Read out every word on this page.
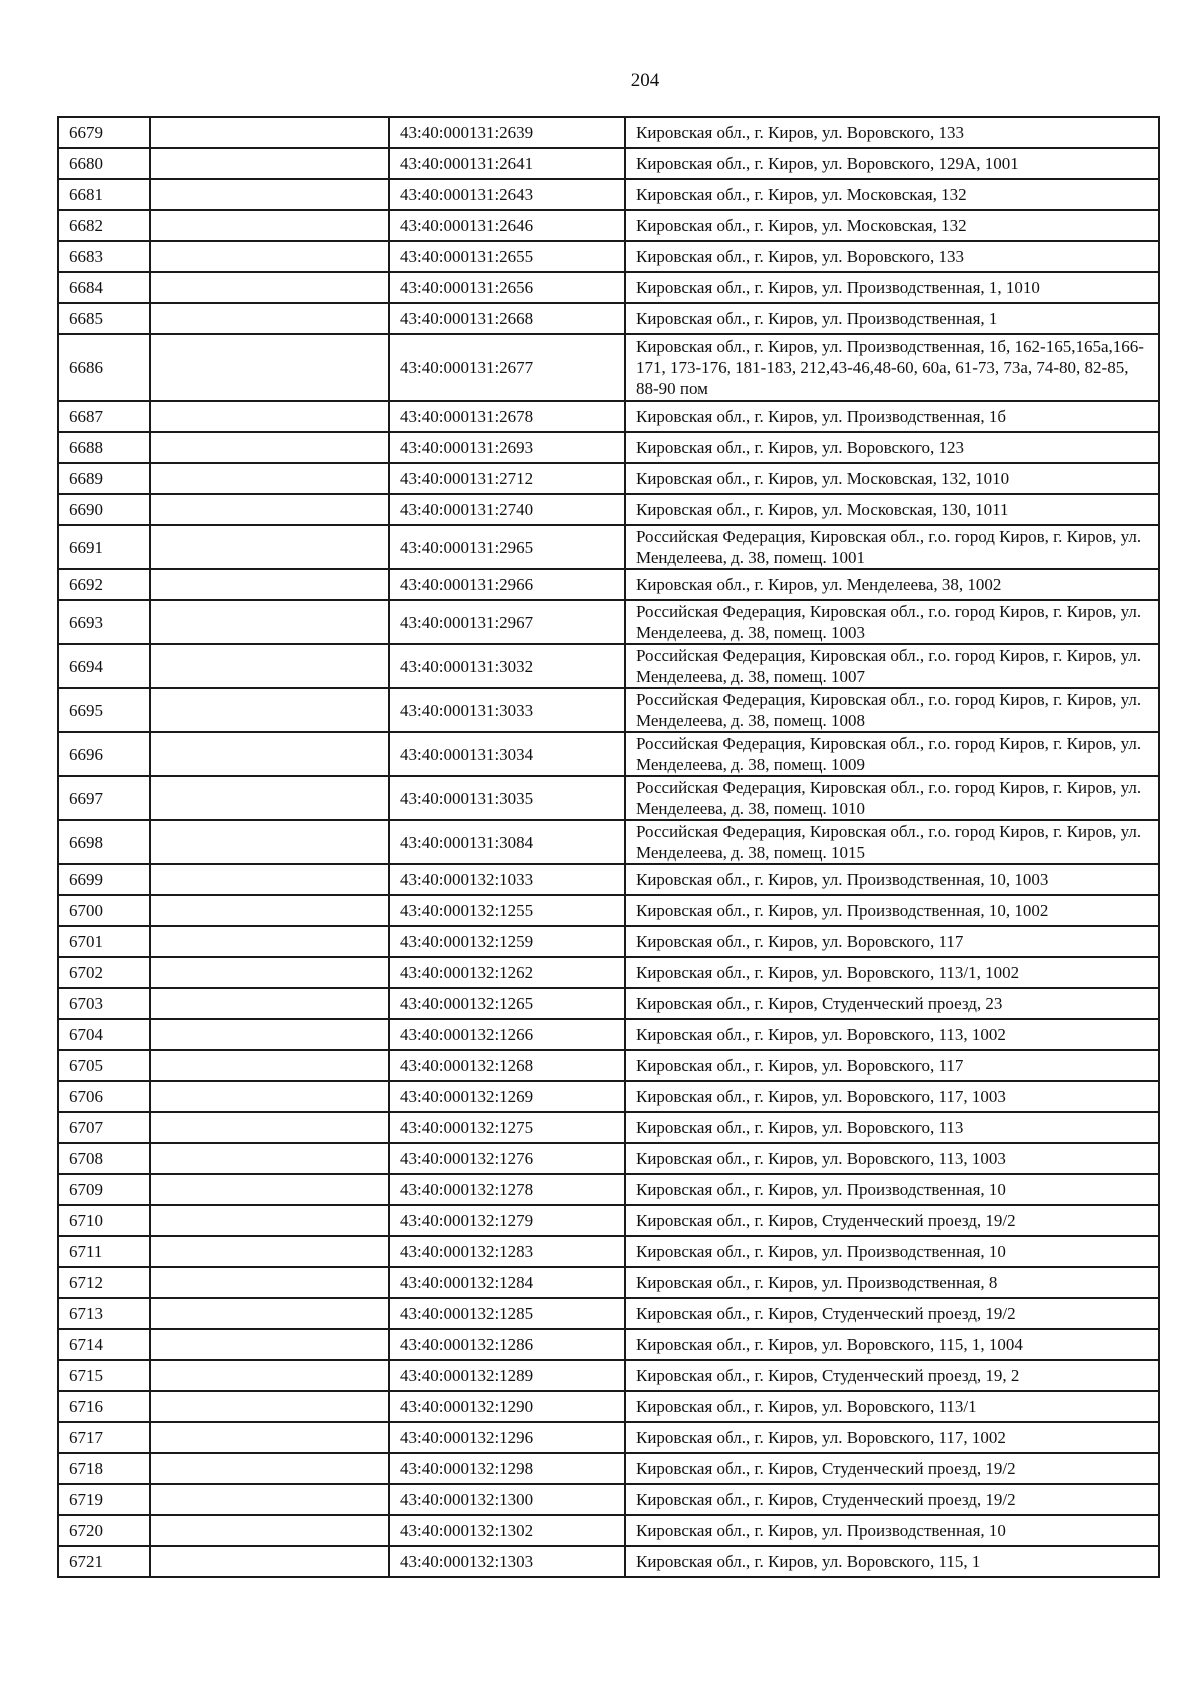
204
6679		43:40:000131:2639	Кировская обл., г. Киров, ул. Воровского, 133
6680		43:40:000131:2641	Кировская обл., г. Киров, ул. Воровского, 129А, 1001
6681		43:40:000131:2643	Кировская обл., г. Киров, ул. Московская, 132
6682		43:40:000131:2646	Кировская обл., г. Киров, ул. Московская, 132
6683		43:40:000131:2655	Кировская обл., г. Киров, ул. Воровского, 133
6684		43:40:000131:2656	Кировская обл., г. Киров, ул. Производственная, 1, 1010
6685		43:40:000131:2668	Кировская обл., г. Киров, ул. Производственная, 1
6686		43:40:000131:2677	Кировская обл., г. Киров, ул. Производственная, 1б, 162-165,165а,166-171, 173-176, 181-183, 212,43-46,48-60, 60а, 61-73, 73а, 74-80, 82-85, 88-90 пом
6687		43:40:000131:2678	Кировская обл., г. Киров, ул. Производственная, 1б
6688		43:40:000131:2693	Кировская обл., г. Киров, ул. Воровского, 123
6689		43:40:000131:2712	Кировская обл., г. Киров, ул. Московская, 132, 1010
6690		43:40:000131:2740	Кировская обл., г. Киров, ул. Московская, 130, 1011
6691		43:40:000131:2965	Российская Федерация, Кировская обл., г.о. город Киров, г. Киров, ул. Менделеева, д. 38, помещ. 1001
6692		43:40:000131:2966	Кировская обл., г. Киров, ул. Менделеева, 38, 1002
6693		43:40:000131:2967	Российская Федерация, Кировская обл., г.о. город Киров, г. Киров, ул. Менделеева, д. 38, помещ. 1003
6694		43:40:000131:3032	Российская Федерация, Кировская обл., г.о. город Киров, г. Киров, ул. Менделеева, д. 38, помещ. 1007
6695		43:40:000131:3033	Российская Федерация, Кировская обл., г.о. город Киров, г. Киров, ул. Менделеева, д. 38, помещ. 1008
6696		43:40:000131:3034	Российская Федерация, Кировская обл., г.о. город Киров, г. Киров, ул. Менделеева, д. 38, помещ. 1009
6697		43:40:000131:3035	Российская Федерация, Кировская обл., г.о. город Киров, г. Киров, ул. Менделеева, д. 38, помещ. 1010
6698		43:40:000131:3084	Российская Федерация, Кировская обл., г.о. город Киров, г. Киров, ул. Менделеева, д. 38, помещ. 1015
6699		43:40:000132:1033	Кировская обл., г. Киров, ул. Производственная, 10, 1003
6700		43:40:000132:1255	Кировская обл., г. Киров, ул. Производственная, 10, 1002
6701		43:40:000132:1259	Кировская обл., г. Киров, ул. Воровского, 117
6702		43:40:000132:1262	Кировская обл., г. Киров, ул. Воровского, 113/1, 1002
6703		43:40:000132:1265	Кировская обл., г. Киров, Студенческий проезд, 23
6704		43:40:000132:1266	Кировская обл., г. Киров, ул. Воровского, 113, 1002
6705		43:40:000132:1268	Кировская обл., г. Киров, ул. Воровского, 117
6706		43:40:000132:1269	Кировская обл., г. Киров, ул. Воровского, 117, 1003
6707		43:40:000132:1275	Кировская обл., г. Киров, ул. Воровского, 113
6708		43:40:000132:1276	Кировская обл., г. Киров, ул. Воровского, 113, 1003
6709		43:40:000132:1278	Кировская обл., г. Киров, ул. Производственная, 10
6710		43:40:000132:1279	Кировская обл., г. Киров, Студенческий проезд, 19/2
6711		43:40:000132:1283	Кировская обл., г. Киров, ул. Производственная, 10
6712		43:40:000132:1284	Кировская обл., г. Киров, ул. Производственная, 8
6713		43:40:000132:1285	Кировская обл., г. Киров, Студенческий проезд, 19/2
6714		43:40:000132:1286	Кировская обл., г. Киров, ул. Воровского, 115, 1, 1004
6715		43:40:000132:1289	Кировская обл., г. Киров, Студенческий проезд, 19, 2
6716		43:40:000132:1290	Кировская обл., г. Киров, ул. Воровского, 113/1
6717		43:40:000132:1296	Кировская обл., г. Киров, ул. Воровского, 117, 1002
6718		43:40:000132:1298	Кировская обл., г. Киров, Студенческий проезд, 19/2
6719		43:40:000132:1300	Кировская обл., г. Киров, Студенческий проезд, 19/2
6720		43:40:000132:1302	Кировская обл., г. Киров, ул. Производственная, 10
6721		43:40:000132:1303	Кировская обл., г. Киров, ул. Воровского, 115, 1
